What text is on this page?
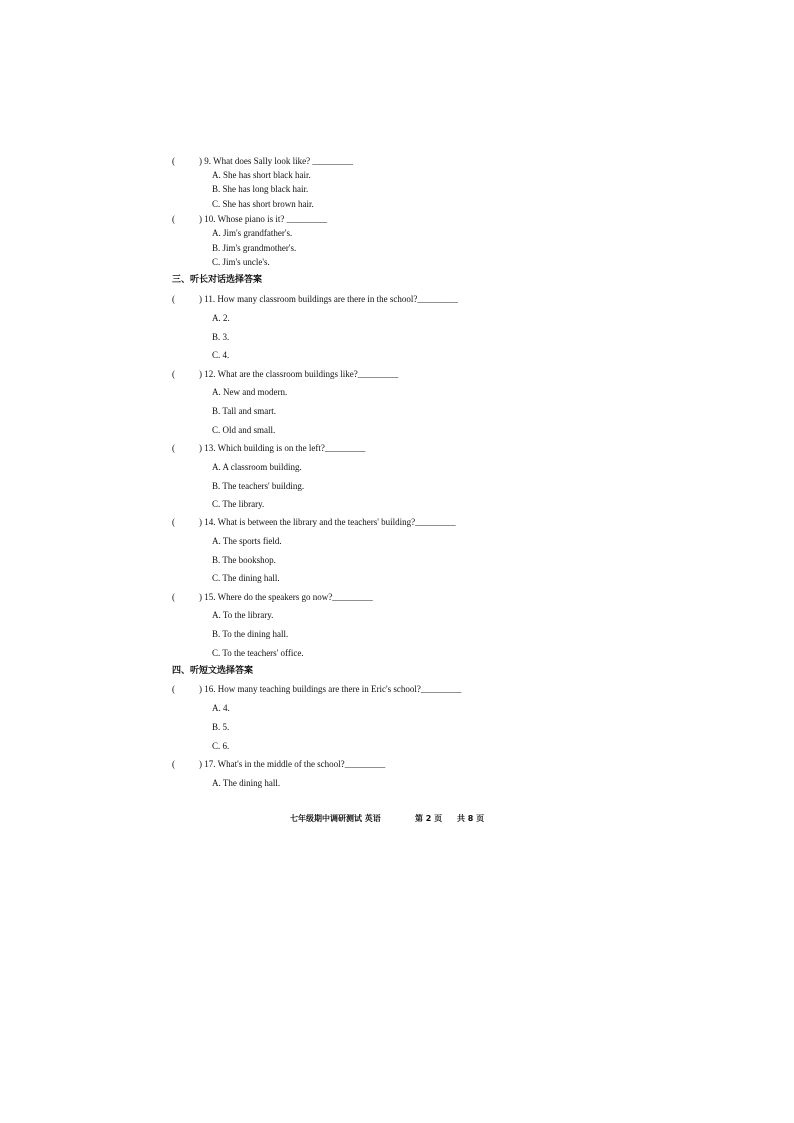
(	) 9. What does Sally look like? _________
A. She has short black hair.
B. She has long black hair.
C. She has short brown hair.
(	) 10. Whose piano is it? _________
A. Jim's grandfather's.
B. Jim's grandmother's.
C. Jim's uncle's.
三、听长对话选择答案
(	) 11. How many classroom buildings are there in the school?_________
A. 2.
B. 3.
C. 4.
(	) 12. What are the classroom buildings like?_________
A. New and modern.
B. Tall and smart.
C. Old and small.
(	) 13. Which building is on the left?_________
A. A classroom building.
B. The teachers' building.
C. The library.
(	) 14. What is between the library and the teachers' building?_________
A. The sports field.
B. The bookshop.
C. The dining hall.
(	) 15. Where do the speakers go now?_________
A. To the library.
B. To the dining hall.
C. To the teachers' office.
四、听短文选择答案
(	) 16. How many teaching buildings are there in Eric's school?_________
A. 4.
B. 5.
C. 6.
(	) 17. What's in the middle of the school?_________
A. The dining hall.
七年级期中调研测试 英语	第 2 页 共 8 页
